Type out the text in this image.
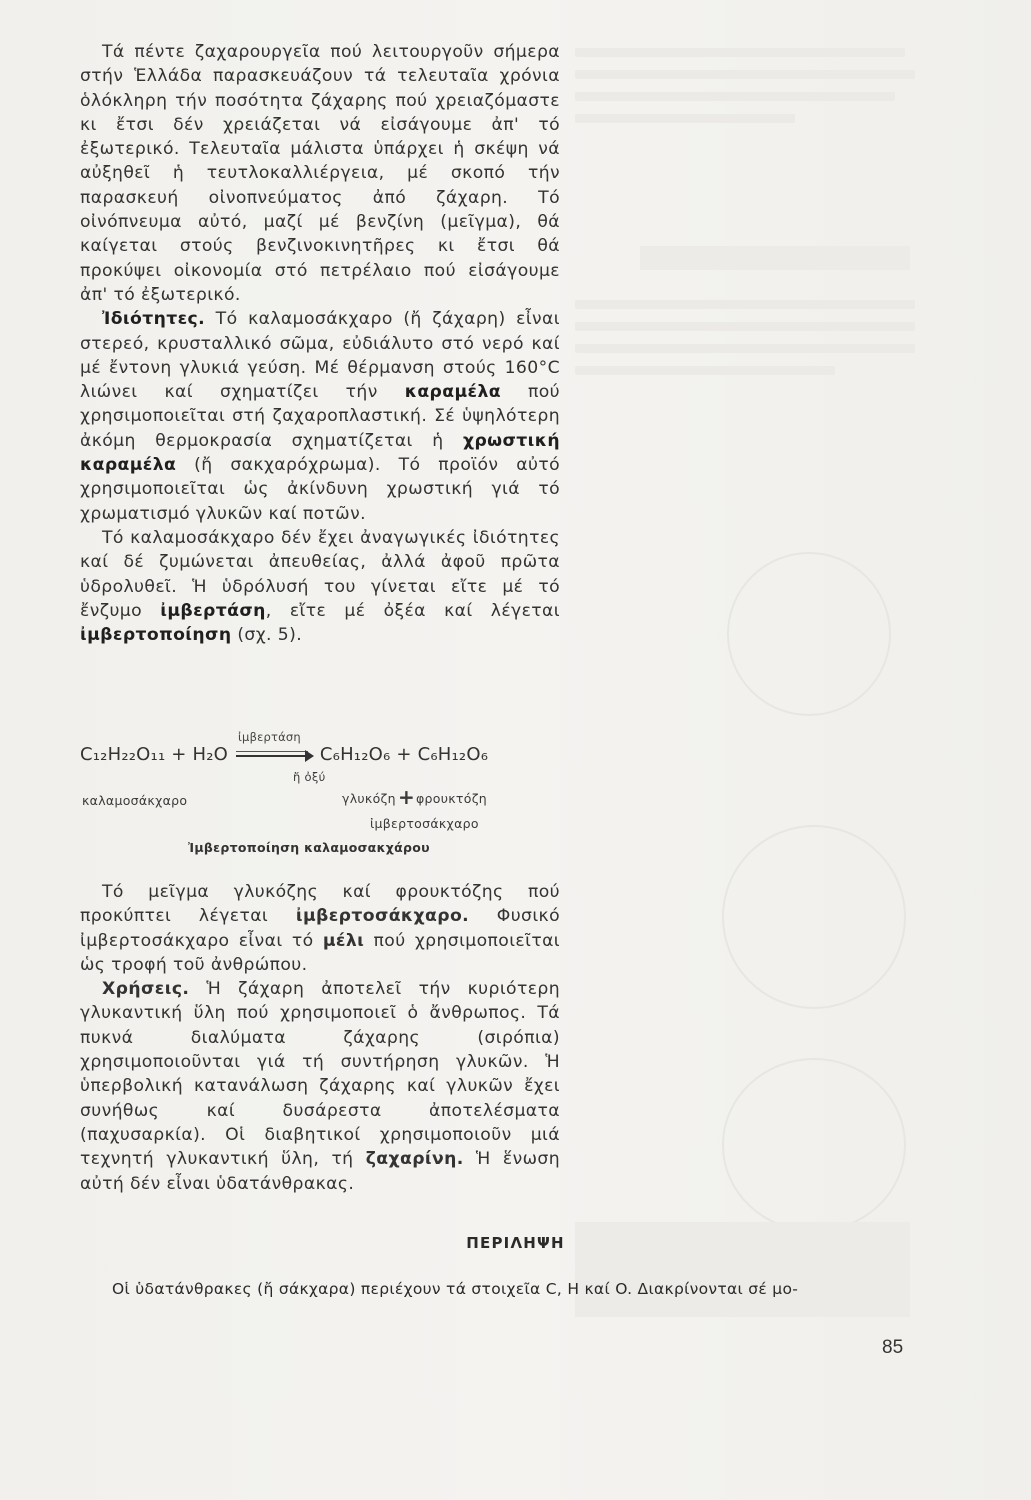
Τά πέντε ζαχαρουργεῖα πού λειτουργοῦν σήμερα στήν Ἑλλάδα παρασκευάζουν τά τελευταῖα χρόνια ὁλόκληρη τήν ποσότητα ζάχαρης πού χρειαζόμαστε κι ἔτσι δέν χρειάζεται νά εἰσάγουμε ἀπ' τό ἐξωτερικό. Τελευταῖα μάλιστα ὑπάρχει ἡ σκέψη νά αὐξηθεῖ ἡ τευτλοκαλλιέργεια, μέ σκοπό τήν παρασκευή οἰνοπνεύματος ἀπό ζάχαρη. Τό οἰνόπνευμα αὐτό, μαζί μέ βενζίνη (μεῖγμα), θά καίγεται στούς βενζινοκινητῆρες κι ἔτσι θά προκύψει οἰκονομία στό πετρέλαιο πού εἰσάγουμε ἀπ' τό ἐξωτερικό.

Ἰδιότητες. Τό καλαμοσάκχαρο (ἤ ζάχαρη) εἶναι στερεό, κρυσταλλικό σῶμα, εὐδιάλυτο στό νερό καί μέ ἔντονη γλυκιά γεύση. Μέ θέρμανση στούς 160°C λιώνει καί σχηματίζει τήν καραμέλα πού χρησιμοποιεῖται στή ζαχαροπλαστική. Σέ ὑψηλότερη ἀκόμη θερμοκρασία σχηματίζεται ἡ χρωστική καραμέλα (ἤ σακχαρόχρωμα). Τό προϊόν αὐτό χρησιμοποιεῖται ὡς ἀκίνδυνη χρωστική γιά τό χρωματισμό γλυκῶν καί ποτῶν.

Τό καλαμοσάκχαρο δέν ἔχει ἀναγωγικές ἰδιότητες καί δέ ζυμώνεται ἀπευθείας, ἀλλά ἀφοῦ πρῶτα ὑδρολυθεῖ. Ἡ ὑδρόλυσή του γίνεται εἴτε μέ τό ἔνζυμο ἰμβερτάση, εἴτε μέ ὀξέα καί λέγεται ἰμβερτοποίηση (σχ. 5).

C₁₂H₂₂O₁₁ + H₂O
ἰμβερτάση
C₆H₁₂O₆ + C₆H₁₂O₆
ἤ ὀξύ
καλαμοσάκχαρο	γλυκόζη + φρουκτόζη
ἰμβερτοσάκχαρο
Ἰμβερτοποίηση καλαμοσακχάρου

Τό μεῖγμα γλυκόζης καί φρουκτόζης πού προκύπτει λέγεται ἰμβερτοσάκχαρο. Φυσικό ἰμβερτοσάκχαρο εἶναι τό μέλι πού χρησιμοποιεῖται ὡς τροφή τοῦ ἀνθρώπου.

Χρήσεις. Ἡ ζάχαρη ἀποτελεῖ τήν κυριότερη γλυκαντική ὕλη πού χρησιμοποιεῖ ὁ ἄνθρωπος. Τά πυκνά διαλύματα ζάχαρης (σιρόπια) χρησιμοποιοῦνται γιά τή συντήρηση γλυκῶν. Ἡ ὑπερβολική κατανάλωση ζάχαρης καί γλυκῶν ἔχει συνήθως καί δυσάρεστα ἀποτελέσματα (παχυσαρκία). Οἱ διαβητικοί χρησιμοποιοῦν μιά τεχνητή γλυκαντική ὕλη, τή ζαχαρίνη. Ἡ ἕνωση αὐτή δέν εἶναι ὑδατάνθρακας.

ΠΕΡΙΛΗΨΗ
Οἱ ὑδατάνθρακες (ἤ σάκχαρα) περιέχουν τά στοιχεῖα C, H καί O. Διακρίνονται σέ μο-
85
